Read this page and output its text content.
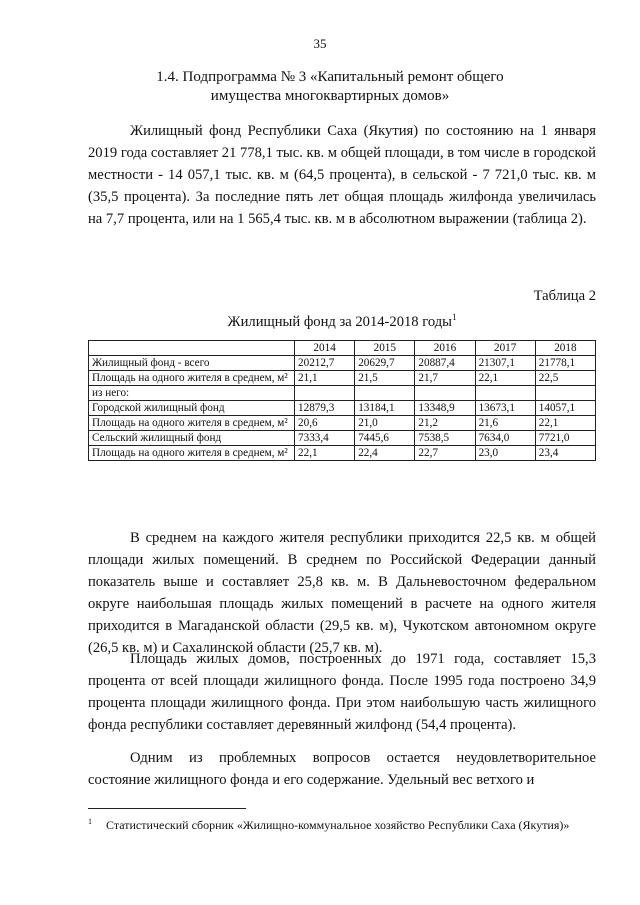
35
1.4. Подпрограмма № 3 «Капитальный ремонт общего имущества многоквартирных домов»

Жилищный фонд Республики Саха (Якутия) по состоянию на 1 января 2019 года составляет 21 778,1 тыс. кв. м общей площади, в том числе в городской местности - 14 057,1 тыс. кв. м (64,5 процента), в сельской - 7 721,0 тыс. кв. м (35,5 процента). За последние пять лет общая площадь жилфонда увеличилась на 7,7 процента, или на 1 565,4 тыс. кв. м в абсолютном выражении (таблица 2).

Таблица 2
Жилищный фонд за 2014-2018 годы$^1$
	2014	2015	2016	2017	2018
Жилищный фонд - всего	20212,7	20629,7	20887,4	21307,1	21778,1
Площадь на одного жителя в среднем, м²	21,1	21,5	21,7	22,1	22,5
из него:					
Городской жилищный фонд	12879,3	13184,1	13348,9	13673,1	14057,1
Площадь на одного жителя в среднем, м²	20,6	21,0	21,2	21,6	22,1
Сельский жилищный фонд	7333,4	7445,6	7538,5	7634,0	7721,0
Площадь на одного жителя в среднем, м²	22,1	22,4	22,7	23,0	23,4

В среднем на каждого жителя республики приходится 22,5 кв. м общей площади жилых помещений. В среднем по Российской Федерации данный показатель выше и составляет 25,8 кв. м. В Дальневосточном федеральном округе наибольшая площадь жилых помещений в расчете на одного жителя приходится в Магаданской области (29,5 кв. м), Чукотском автономном округе (26,5 кв. м) и Сахалинской области (25,7 кв. м).

Площадь жилых домов, построенных до 1971 года, составляет 15,3 процента от всей площади жилищного фонда. После 1995 года построено 34,9 процента площади жилищного фонда. При этом наибольшую часть жилищного фонда республики составляет деревянный жилфонд (54,4 процента).

Одним из проблемных вопросов остается неудовлетворительное состояние жилищного фонда и его содержание. Удельный вес ветхого и

$^1$ Статистический сборник «Жилищно-коммунальное хозяйство Республики Саха (Якутия)»
